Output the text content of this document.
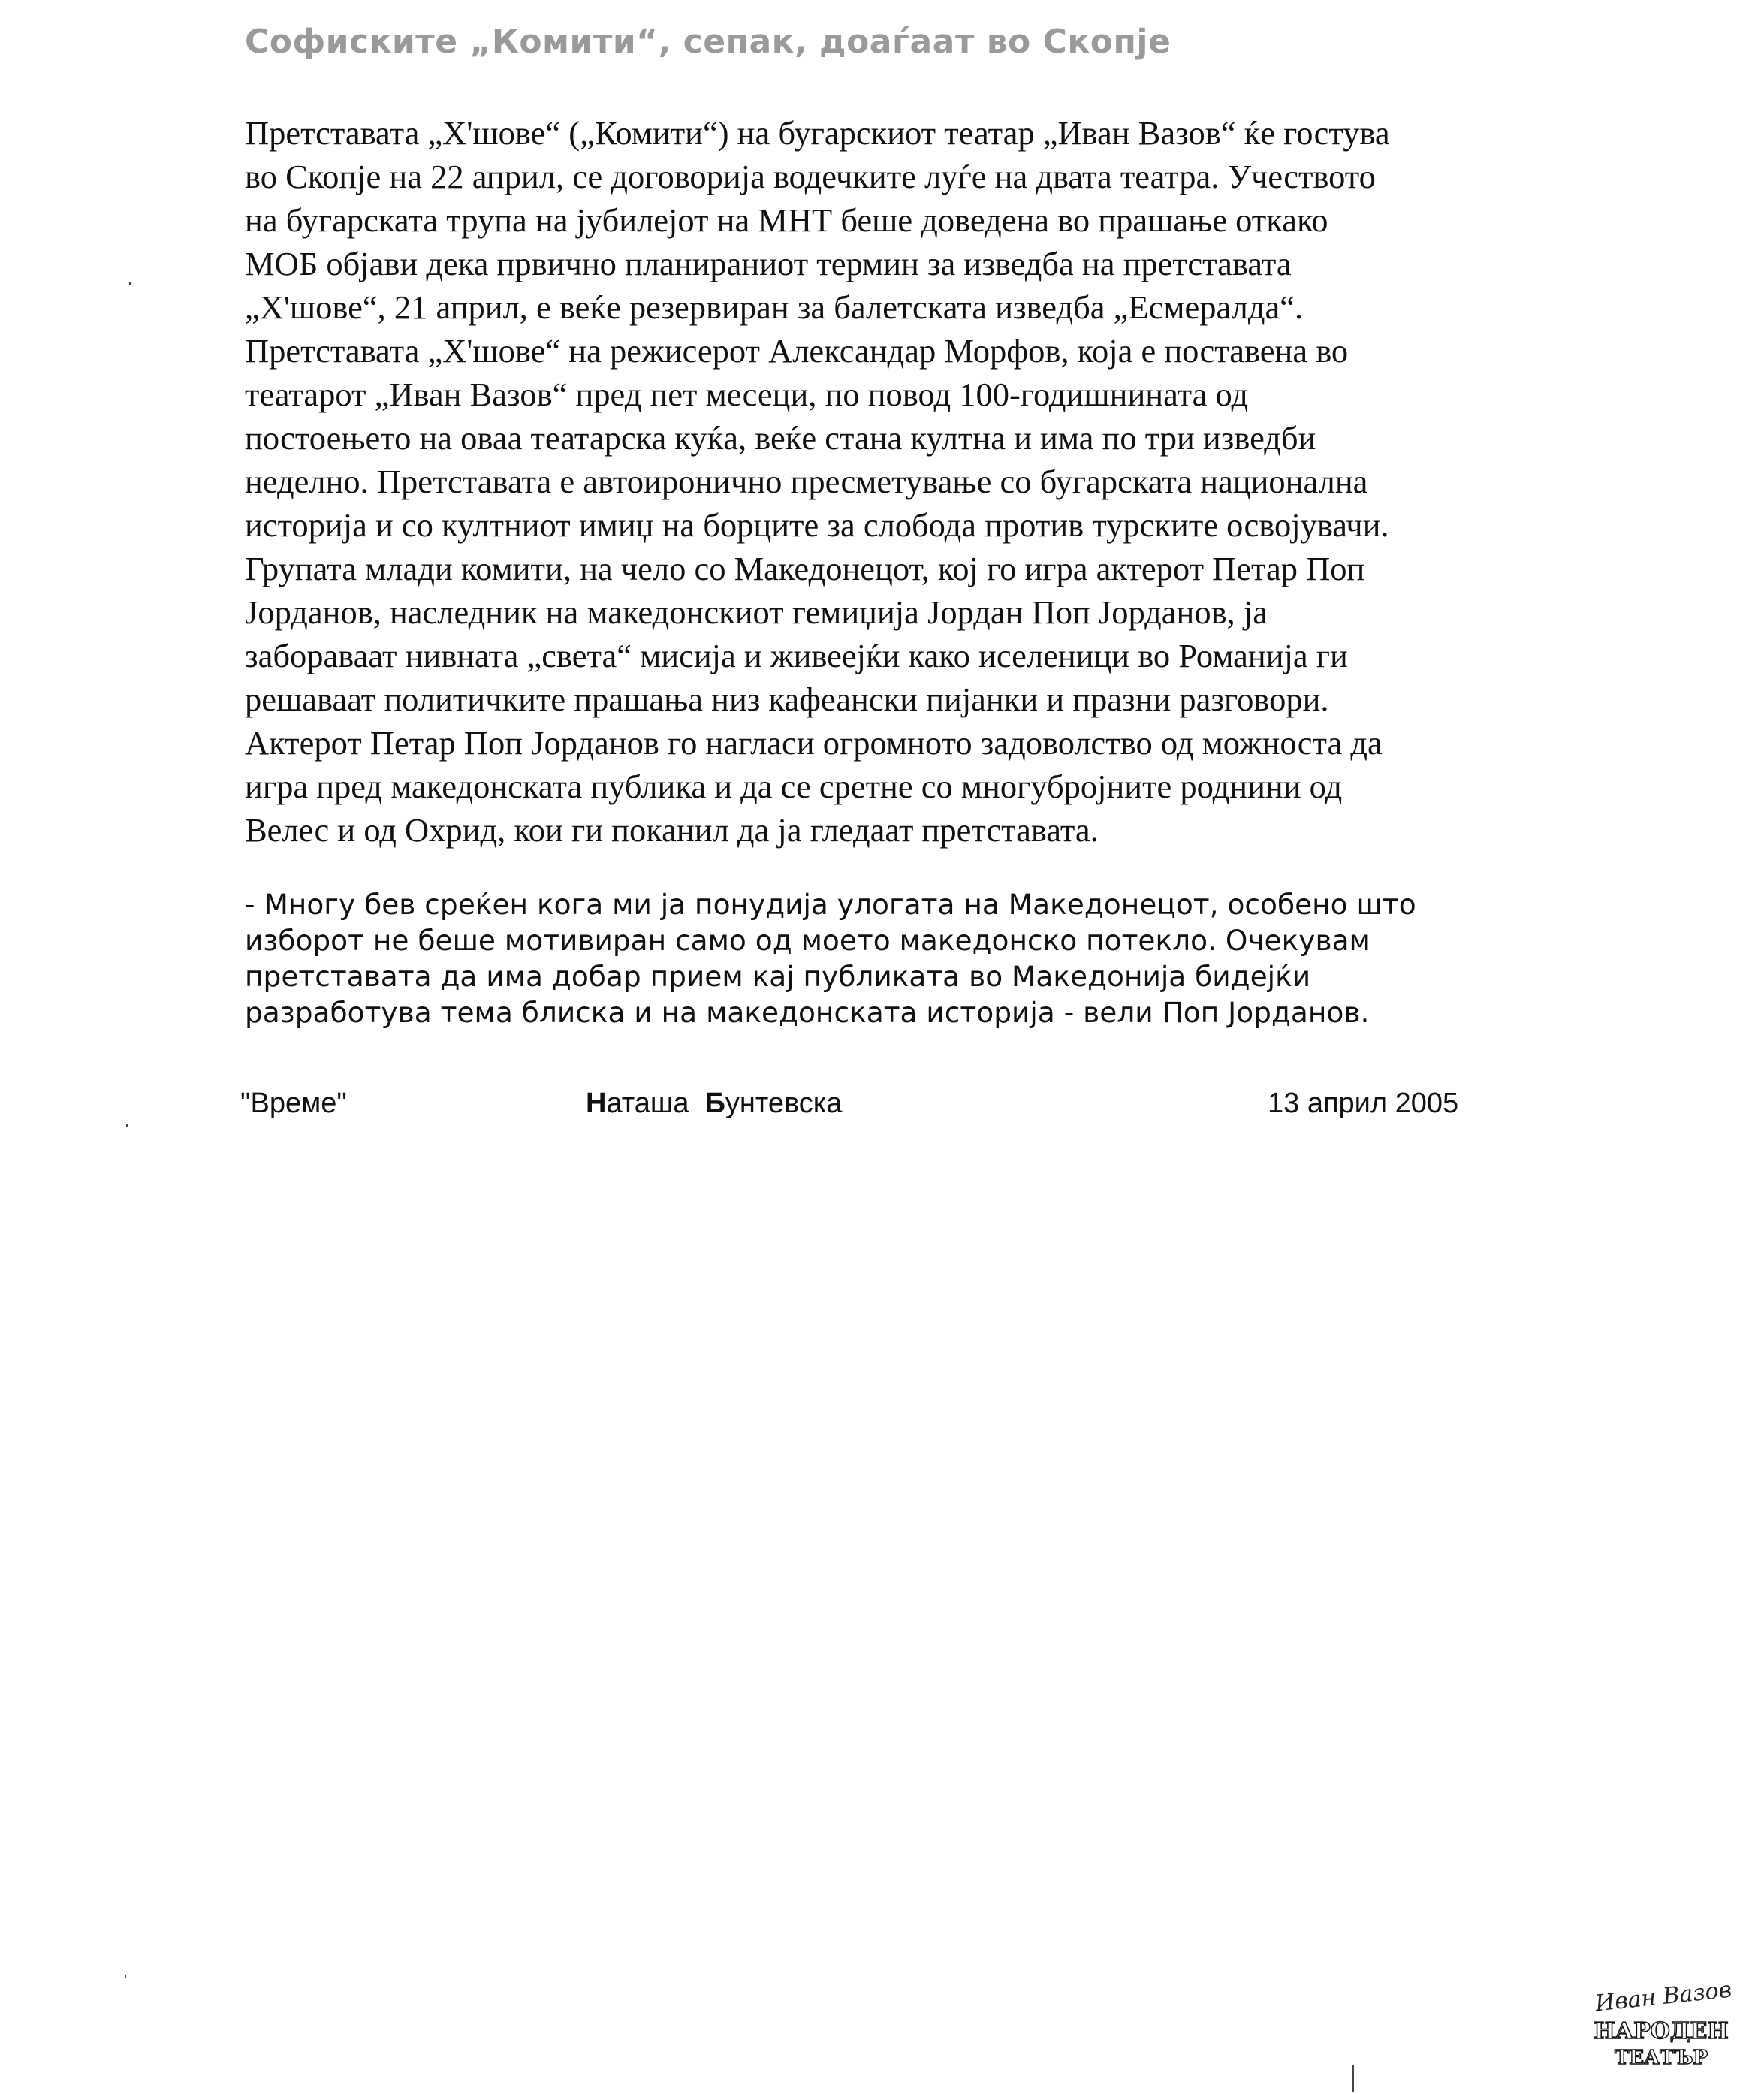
Софиските „Комити“, сепак, доаѓаат во Скопје
Претставата „Х'шове“ („Комити“) на бугарскиот театар „Иван Вазов“ ќе гостува
во Скопје на 22 април, се договорија водечките луѓе на двата театра. Учеството
на бугарската трупа на јубилејот на МНТ беше доведена во прашање откако
МОБ објави дека првично планираниот термин за изведба на претставата
„Х'шове“, 21 април, е веќе резервиран за балетската изведба „Есмералда“.
Претставата „Х'шове“ на режисерот Александар Морфов, која е поставена во
театарот „Иван Вазов“ пред пет месеци, по повод 100-годишнината од
постоењето на оваа театарска куќа, веќе стана култна и има по три изведби
неделно. Претставата е автоиронично пресметување со бугарската национална
историја и со култниот имиџ на борците за слобода против турските освојувачи.
Групата млади комити, на чело со Македонецот, кој го игра актерот Петар Поп
Јорданов, наследник на македонскиот гемиџија Јордан Поп Јорданов, ја
забораваат нивната „света“ мисија и живеејќи како иселеници во Романија ги
решаваат политичките прашања низ кафеански пијанки и празни разговори.
Актерот Петар Поп Јорданов го нагласи огромното задоволство од можноста да
игра пред македонската публика и да се сретне со многубројните роднини од
Велес и од Охрид, кои ги поканил да ја гледаат претставата.
- Многу бев среќен кога ми ја понудија улогата на Македонецот, особено што
изборот не беше мотивиран само од моето македонско потекло. Очекувам
претставата да има добар прием кај публиката во Македонија бидејќи
разработува тема блиска и на македонската историја - вели Поп Јорданов.
"Време"	Наташа Бунтевска	13 април 2005
Иван Вазов
НАРОДЕН
ТЕАТЪР
